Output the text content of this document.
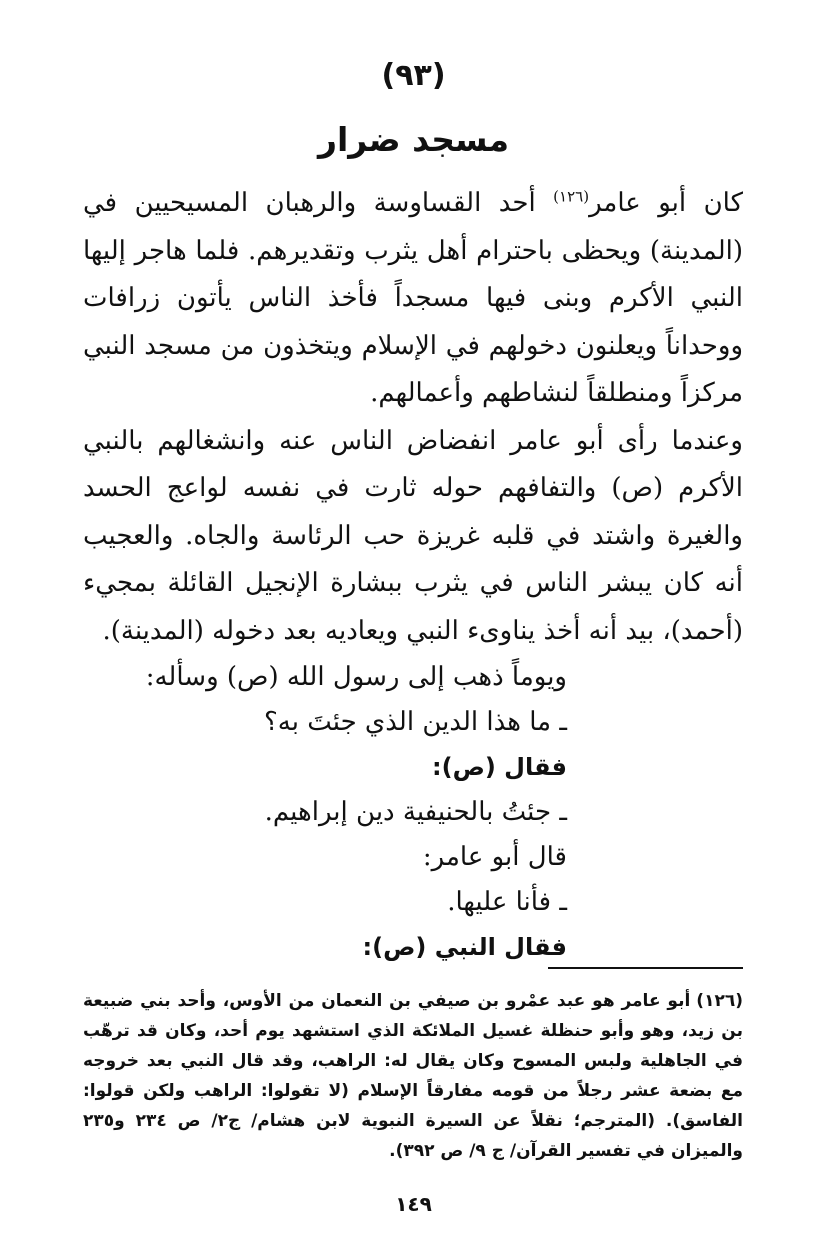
(٩٣)
مسجد ضرار

كان أبو عامر$^{(١٢٦)}$ أحد القساوسة والرهبان المسيحيين في (المدينة) ويحظى باحترام أهل يثرب وتقديرهم. فلما هاجر إليها النبي الأكرم وبنى فيها مسجداً فأخذ الناس يأتون زرافات ووحداناً ويعلنون دخولهم في الإسلام ويتخذون من مسجد النبي مركزاً ومنطلقاً لنشاطهم وأعمالهم.

وعندما رأى أبو عامر انفضاض الناس عنه وانشغالهم بالنبي الأكرم (ص) والتفافهم حوله ثارت في نفسه لواعج الحسد والغيرة واشتد في قلبه غريزة حب الرئاسة والجاه. والعجيب أنه كان يبشر الناس في يثرب ببشارة الإنجيل القائلة بمجيء (أحمد)، بيد أنه أخذ يناوىء النبي ويعاديه بعد دخوله (المدينة).

ويوماً ذهب إلى رسول الله (ص) وسأله:

ـ ما هذا الدين الذي جئتَ به؟

فقال (ص):

ـ جئتُ بالحنيفية دين إبراهيم.

قال أبو عامر:

ـ فأنا عليها.

فقال النبي (ص):

(١٢٦)أبو عامر هو عبد عمْرو بن صيفي بن النعمان من الأوس، وأحد بني ضبيعة بن زيد، وهو وأبو حنظلة غسيل الملائكة الذي استشهد يوم أحد، وكان قد ترهّب في الجاهلية ولبس المسوح وكان يقال له: الراهب، وقد قال النبي بعد خروجه مع بضعة عشر رجلاً من قومه مفارقاً الإسلام (لا تقولوا: الراهب ولكن قولوا: الفاسق). (المترجم؛ نقلاً عن السيرة النبوية لابن هشام/ ج٢/ ص ٢٣٤ و٢٣٥ والميزان في تفسير القرآن/ ج ٩/ ص ٣٩٢).
١٤٩
